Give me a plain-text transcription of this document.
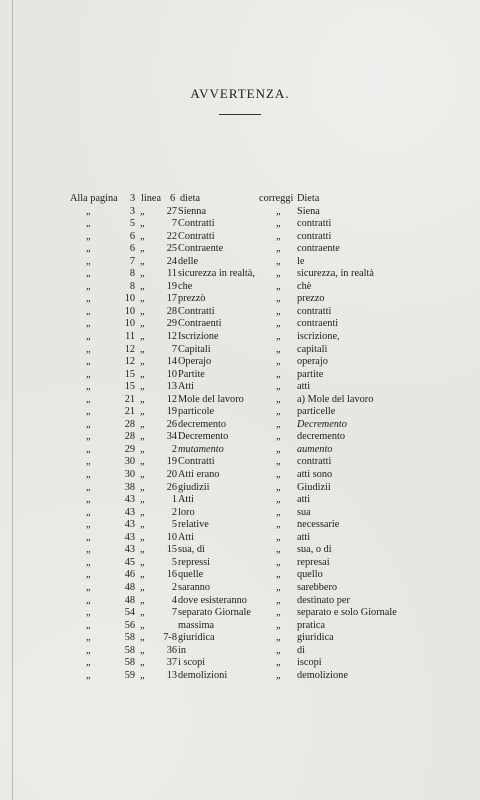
AVVERTENZA.
Alla pagina 3 linea 6 dieta	correggi Dieta
„	3 „ 27 Sienna	„ Siena
„	5 „	7 Contratti	„ contratti
„	6 „ 22 Contratti	„ contratti
„	6 „ 25 Contraente	„ contraente
„	7 „ 24 delle	„ le
„	8 „ 11 sicurezza in realtà, „ sicurezza, in realtà
„	8 „ 19 che	„ chè
„	10 „ 17 prezzò	„ prezzo
„	10 „ 28 Contratti	„ contratti
„	10 „ 29 Contraenti	„ contraenti
„	11 „ 12 Iscrizione	„ iscrizione,
„	12 „	7 Capitali	„ capitali
„	12 „ 14 Operajo	„ operajo
„	15 „ 10 Partite	„ partite
„	15 „ 13 Atti	„ atti
„	21 „ 12 Mole del lavoro	„ a) Mole del lavoro
„	21 „ 19 particole	„ particelle
„	28 „ 26 decremento	„ Decremento
„	28 „ 34 Decremento	„ decremento
„	29 „	2 mutamento	„ aumento
„	30 „ 19 Contratti	„ contratti
„	30 „ 20 Atti erano	„ atti sono
„	38 „ 26 giudizii	„ Giudizii
„	43 „	1 Atti	„ atti
„	43 „	2 loro	„ sua
„	43 „	5 relative	„ necessarie
„	43 „ 10 Atti	„ atti
„	43 „ 15 sua, di	„ sua, o di
„	45 „	5 repressi	„ represai
„	46 „ 16 quelle	„ quello
„	48 „	2 saranno	„ sarebbero
„	48 „	4 dove esisteranno	„ destinato per
„	54 „	7 separato Giornale „ separato e solo Giornale
„	56 „	massima	„ pratica
„	58 „ 7-8 giuridica	„ giuridica
„	58 „ 36 in	„ di
„	58 „ 37 i scopi	„ iscopi
„	59 „ 13 demolizioni	„ demolizione
